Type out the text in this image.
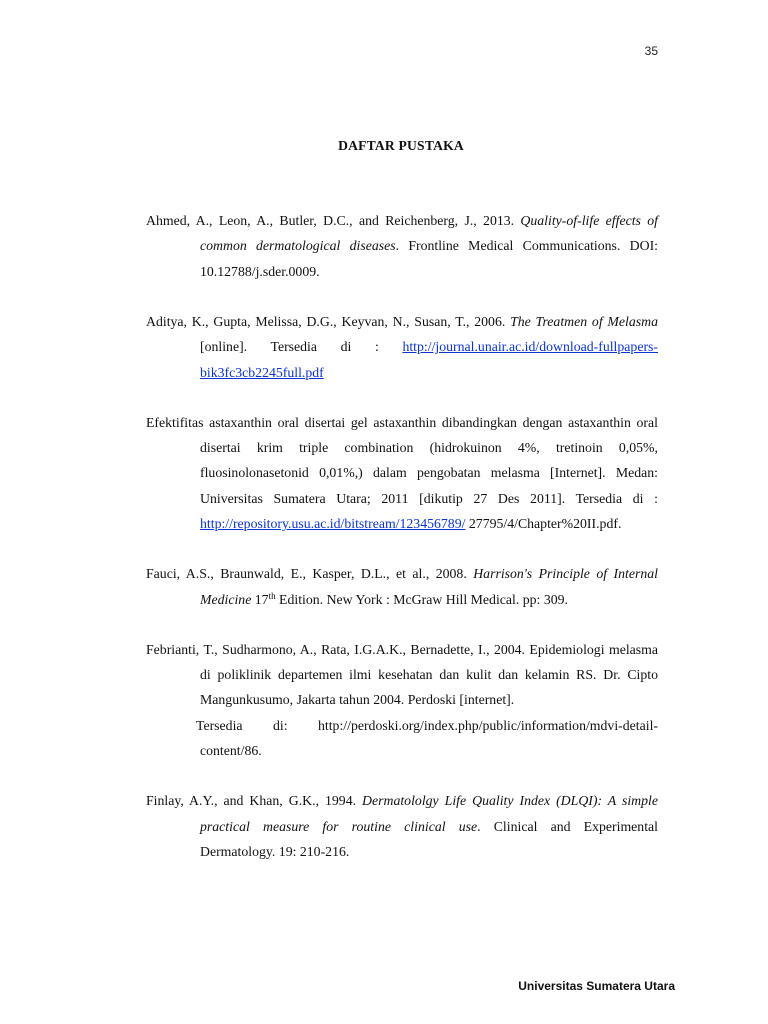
35
DAFTAR PUSTAKA
Ahmed, A., Leon, A., Butler, D.C., and Reichenberg, J., 2013. Quality-of-life effects of common dermatological diseases. Frontline Medical Communications. DOI: 10.12788/j.sder.0009.
Aditya, K., Gupta, Melissa, D.G., Keyvan, N., Susan, T., 2006. The Treatmen of Melasma [online]. Tersedia di : http://journal.unair.ac.id/download-fullpapers-bik3fc3cb2245full.pdf
Efektifitas astaxanthin oral disertai gel astaxanthin dibandingkan dengan astaxanthin oral disertai krim triple combination (hidrokuinon 4%, tretinoin 0,05%, fluosinolonasetonid 0,01%,) dalam pengobatan melasma [Internet]. Medan: Universitas Sumatera Utara; 2011 [dikutip 27 Des 2011]. Tersedia di : http://repository.usu.ac.id/bitstream/123456789/ 27795/4/Chapter%20II.pdf.
Fauci, A.S., Braunwald, E., Kasper, D.L., et al., 2008. Harrison's Principle of Internal Medicine 17th Edition. New York : McGraw Hill Medical. pp: 309.
Febrianti, T., Sudharmono, A., Rata, I.G.A.K., Bernadette, I., 2004. Epidemiologi melasma di poliklinik departemen ilmi kesehatan dan kulit dan kelamin RS. Dr. Cipto Mangunkusumo, Jakarta tahun 2004. Perdoski [internet].
Tersedia di: http://perdoski.org/index.php/public/information/mdvi-detail-content/86.
Finlay, A.Y., and Khan, G.K., 1994. Dermatololgy Life Quality Index (DLQI): A simple practical measure for routine clinical use. Clinical and Experimental Dermatology. 19: 210-216.
Universitas Sumatera Utara
